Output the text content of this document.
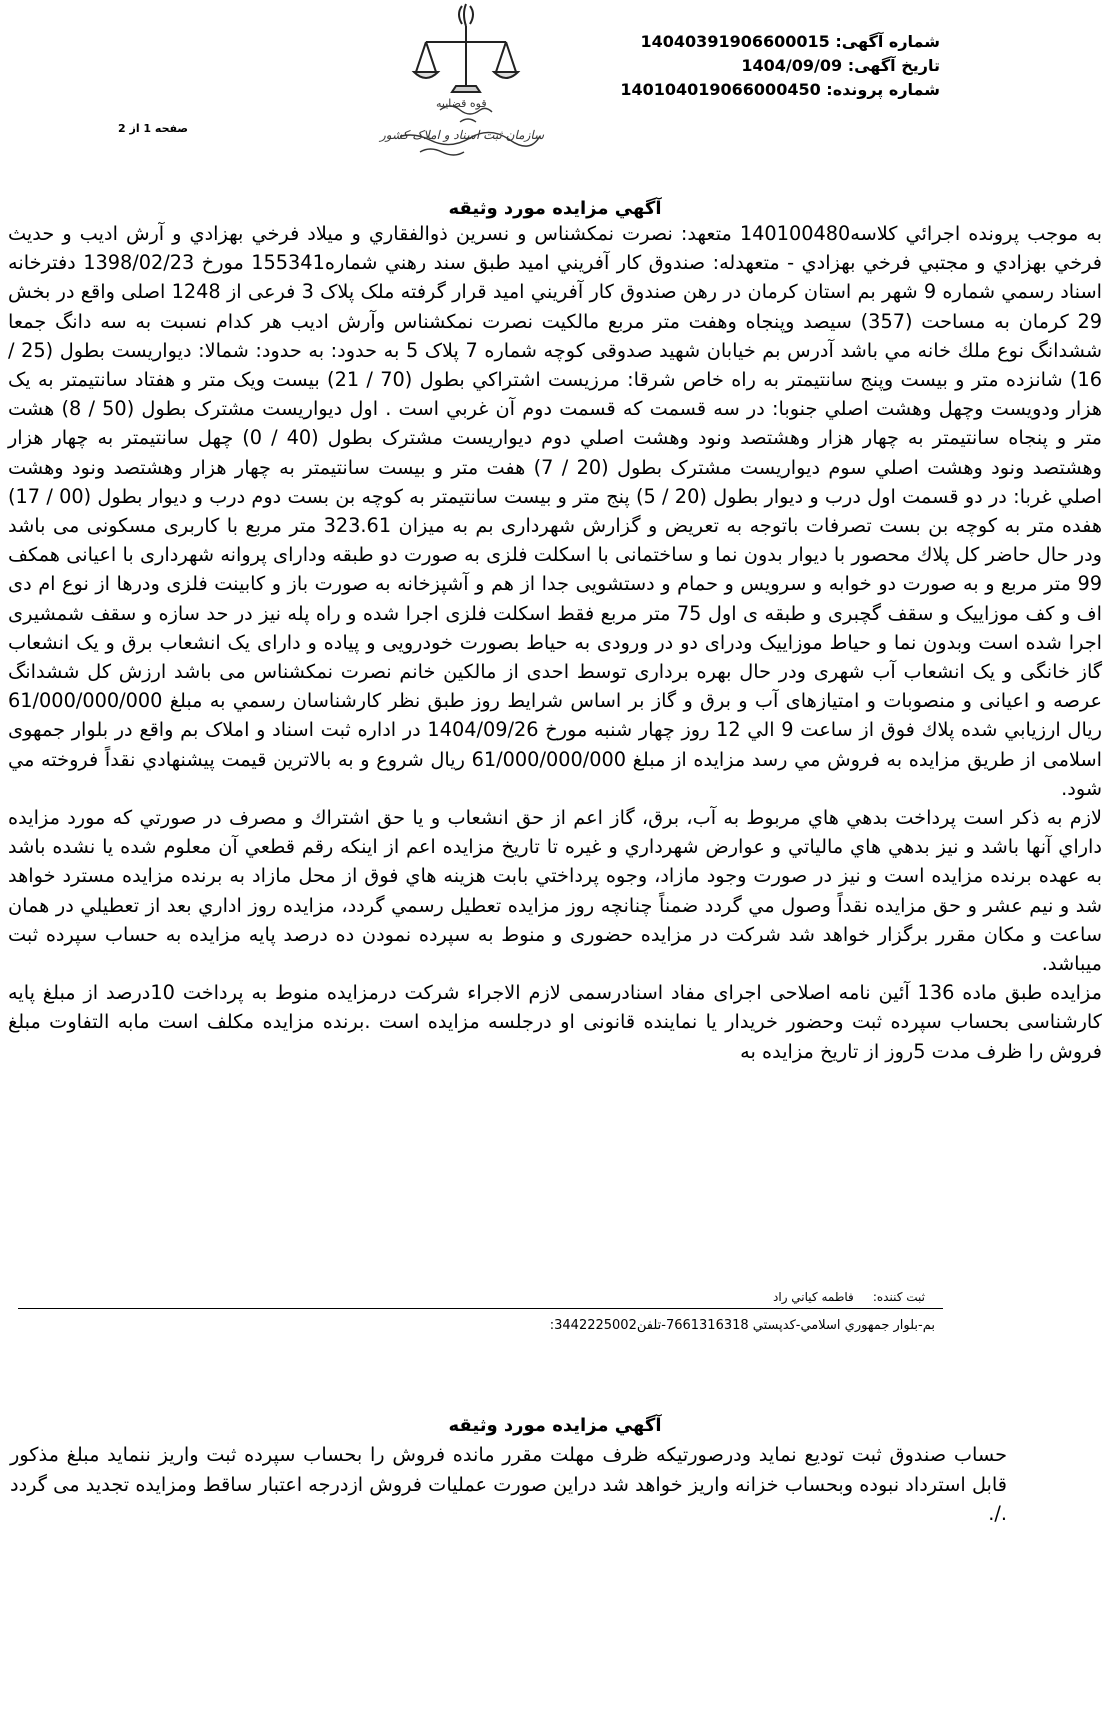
قوه قضاییه
سازمان ثبت اسناد و املاک کشور
شماره آگهی: 14040391906600015
تاریخ آگهی: 1404/09/09
شماره پرونده: 140104019066000450
صفحه 1 از 2
آگهي مزايده مورد وثيقه

به موجب پرونده اجرائي كلاسه140100480 متعهد: نصرت نمكشناس و نسرين ذوالفقاري و ميلاد فرخي بهزادي و آرش اديب و حديث فرخي بهزادي و مجتبي فرخي بهزادي - متعهدله: صندوق كار آفريني اميد طبق سند رهني شماره155341 مورخ 1398/02/23 دفترخانه اسناد رسمي شماره 9 شهر بم استان كرمان در رهن صندوق كار آفريني اميد قرار گرفته ملک پلاک 3 فرعی از 1248 اصلی واقع در بخش 29 کرمان به مساحت (357) سیصد وپنجاه وهفت متر مربع مالكيت نصرت نمكشناس وآرش اديب هر كدام نسبت به سه دانگ جمعا ششدانگ نوع ملك خانه مي باشد آدرس بم خیابان شهید صدوقی کوچه شماره 7 پلاک 5 به حدود: به حدود: شمالا: ديواريست بطول (25 / 16) شانزده متر و بيست وپنج سانتيمتر به راه خاص شرقا: مرزيست اشتراكي بطول (70 / 21) بيست ويک متر و هفتاد سانتيمتر به يک هزار ودويست وچهل وهشت اصلي جنوبا: در سه قسمت كه قسمت دوم آن غربي است . اول ديواريست مشترک بطول (50 / 8) هشت متر و پنجاه سانتيمتر به چهار هزار وهشتصد ونود وهشت اصلي دوم ديواريست مشترک بطول (40 / 0) چهل سانتيمتر به چهار هزار وهشتصد ونود وهشت اصلي سوم ديواريست مشترک بطول (20 / 7) هفت متر و بيست سانتيمتر به چهار هزار وهشتصد ونود وهشت اصلي غربا: در دو قسمت اول درب و ديوار بطول (20 / 5) پنج متر و بيست سانتيمتر به كوچه بن بست دوم درب و ديوار بطول (00 / 17) هفده متر به كوچه بن بست تصرفات باتوجه به تعریض و گزارش شهرداری بم به میزان 323.61 متر مربع با کاربری مسکونی می باشد ودر حال حاضر كل پلاك محصور با دیوار بدون نما و ساختمانی با اسكلت فلزی به صورت دو طبقه ودارای پروانه شهرداری با اعیانی همكف 99 متر مربع و به صورت دو خوابه و سرویس و حمام و دستشویی جدا از هم و آشپزخانه به صورت باز و كابینت فلزی ودرها از نوع ام دی اف و كف موزاییک و سقف گچبری و طبقه ی اول 75 متر مربع فقط اسكلت فلزی اجرا شده و راه پله نیز در حد سازه و سقف شمشیری اجرا شده است وبدون نما و حیاط موزاییک ودرای دو در ورودی به حیاط بصورت خودرویی و پیاده و دارای یک انشعاب برق و یک انشعاب گاز خانگی و یک انشعاب آب شهری ودر حال بهره برداری توسط احدی از مالكین خانم نصرت نمكشناس می باشد ارزش کل ششدانگ عرصه و اعیانی و منصوبات و امتیازهای آب و برق و گاز بر اساس شرايط روز طبق نظر كارشناسان رسمي به مبلغ 61/000/000/000 ريال ارزيابي شده پلاك فوق از ساعت 9 الي 12 روز چهار شنبه مورخ 1404/09/26 در اداره ثبت اسناد و املاک بم واقع در بلوار جمهوی اسلامی از طریق مزایده به فروش مي رسد مزايده از مبلغ 61/000/000/000 ريال شروع و به بالاترين قيمت پيشنهادي نقداً فروخته مي شود.

لازم به ذكر است پرداخت بدهي هاي مربوط به آب، برق، گاز اعم از حق انشعاب و يا حق اشتراك و مصرف در صورتي كه مورد مزايده داراي آنها باشد و نيز بدهي هاي مالياتي و عوارض شهرداري و غيره تا تاريخ مزايده اعم از اينكه رقم قطعي آن معلوم شده يا نشده باشد به عهده برنده مزايده است و نيز در صورت وجود مازاد، وجوه پرداختي بابت هزينه هاي فوق از محل مازاد به برنده مزايده مسترد خواهد شد و نيم عشر و حق مزايده نقداً وصول مي گردد ضمناً چنانچه روز مزايده تعطيل رسمي گردد، مزايده روز اداري بعد از تعطيلي در همان ساعت و مكان مقرر برگزار خواهد شد شركت در مزايده حضوری و منوط به سپرده نمودن ده درصد پایه مزایده به حساب سپرده ثبت میباشد.

مزایده طبق ماده 136 آئین نامه اصلاحی اجرای مفاد اسنادرسمی لازم الاجراء شرکت درمزایده منوط به پرداخت 10درصد از مبلغ پایه کارشناسی بحساب سپرده ثبت وحضور خریدار یا نماینده قانونی او درجلسه مزایده است .برنده مزایده مکلف است مابه التفاوت مبلغ فروش را ظرف مدت 5روز از تاریخ مزایده به

ثبت كننده:     فاطمه كياني راد
بم-بلوار جمهوري اسلامي-كدپستي 7661316318-تلفن3442225002:
آگهي مزايده مورد وثيقه
حساب صندوق ثبت تودیع نماید ودرصورتیکه ظرف مهلت مقرر مانده فروش را بحساب سپرده ثبت واریز ننماید مبلغ مذکور قابل استرداد نبوده وبحساب خزانه واریز خواهد شد دراین صورت عملیات فروش ازدرجه اعتبار ساقط ومزایده تجدید می گردد ./.
